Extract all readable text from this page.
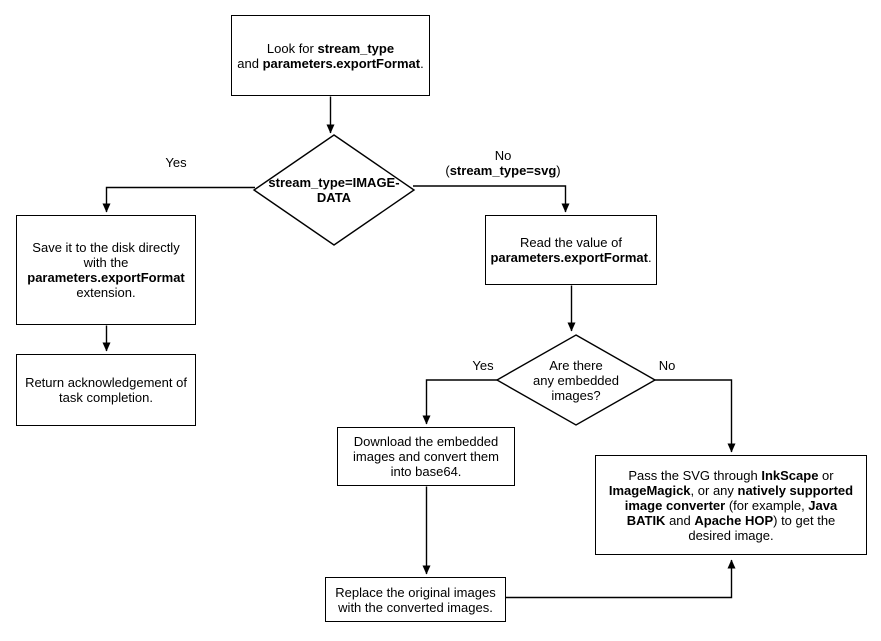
Look for stream_type
and parameters.exportFormat.
Save it to the disk directly
with the
parameters.exportFormat
extension.
Return acknowledgement of
task completion.
Read the value of
parameters.exportFormat.
Download the embedded
images and convert them
into base64.	Pass the SVG through InkScape or
ImageMagick, or any natively supported
image converter (for example, Java
BATIK and Apache HOP) to get the
desired image.
Replace the original images
with the converted images.
stream_type=IMAGE-
DATA
Are there
any embedded
images?
Yes	No
(stream_type=svg)
Yes	No
